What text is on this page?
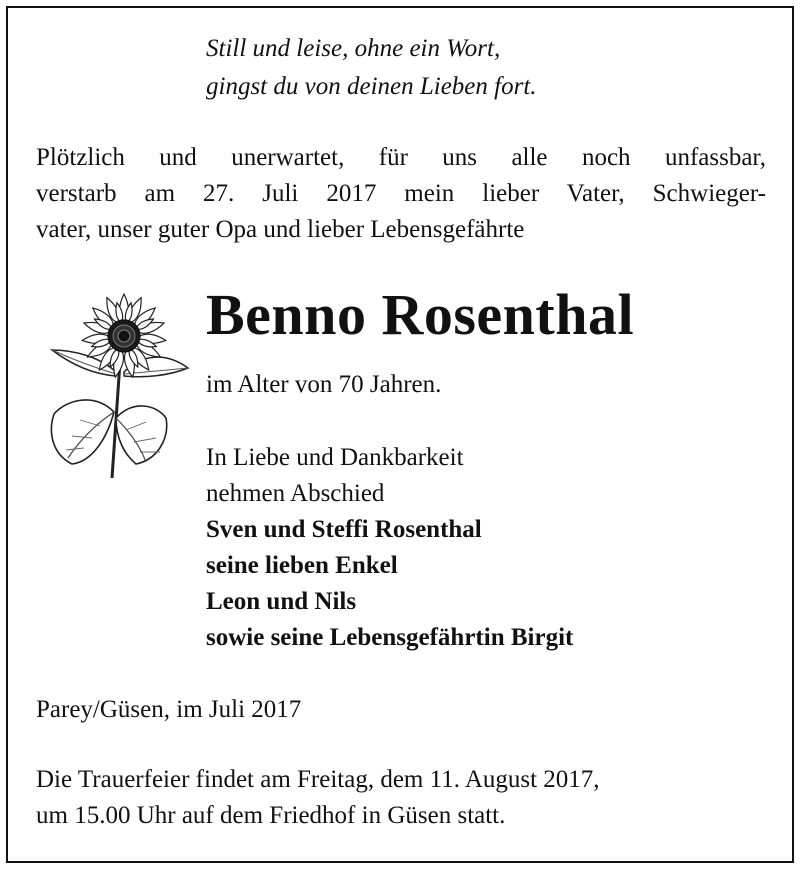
Still und leise, ohne ein Wort,
gingst du von deinen Lieben fort.
Plötzlich und unerwartet, für uns alle noch unfassbar,
verstarb am 27. Juli 2017 mein lieber Vater, Schwieger-
vater, unser guter Opa und lieber Lebensgefährte
Benno Rosenthal
im Alter von 70 Jahren.
In Liebe und Dankbarkeit
nehmen Abschied
Sven und Steffi Rosenthal
seine lieben Enkel
Leon und Nils
sowie seine Lebensgefährtin Birgit
Parey/Güsen, im Juli 2017
Die Trauerfeier findet am Freitag, dem 11. August 2017,
um 15.00 Uhr auf dem Friedhof in Güsen statt.
